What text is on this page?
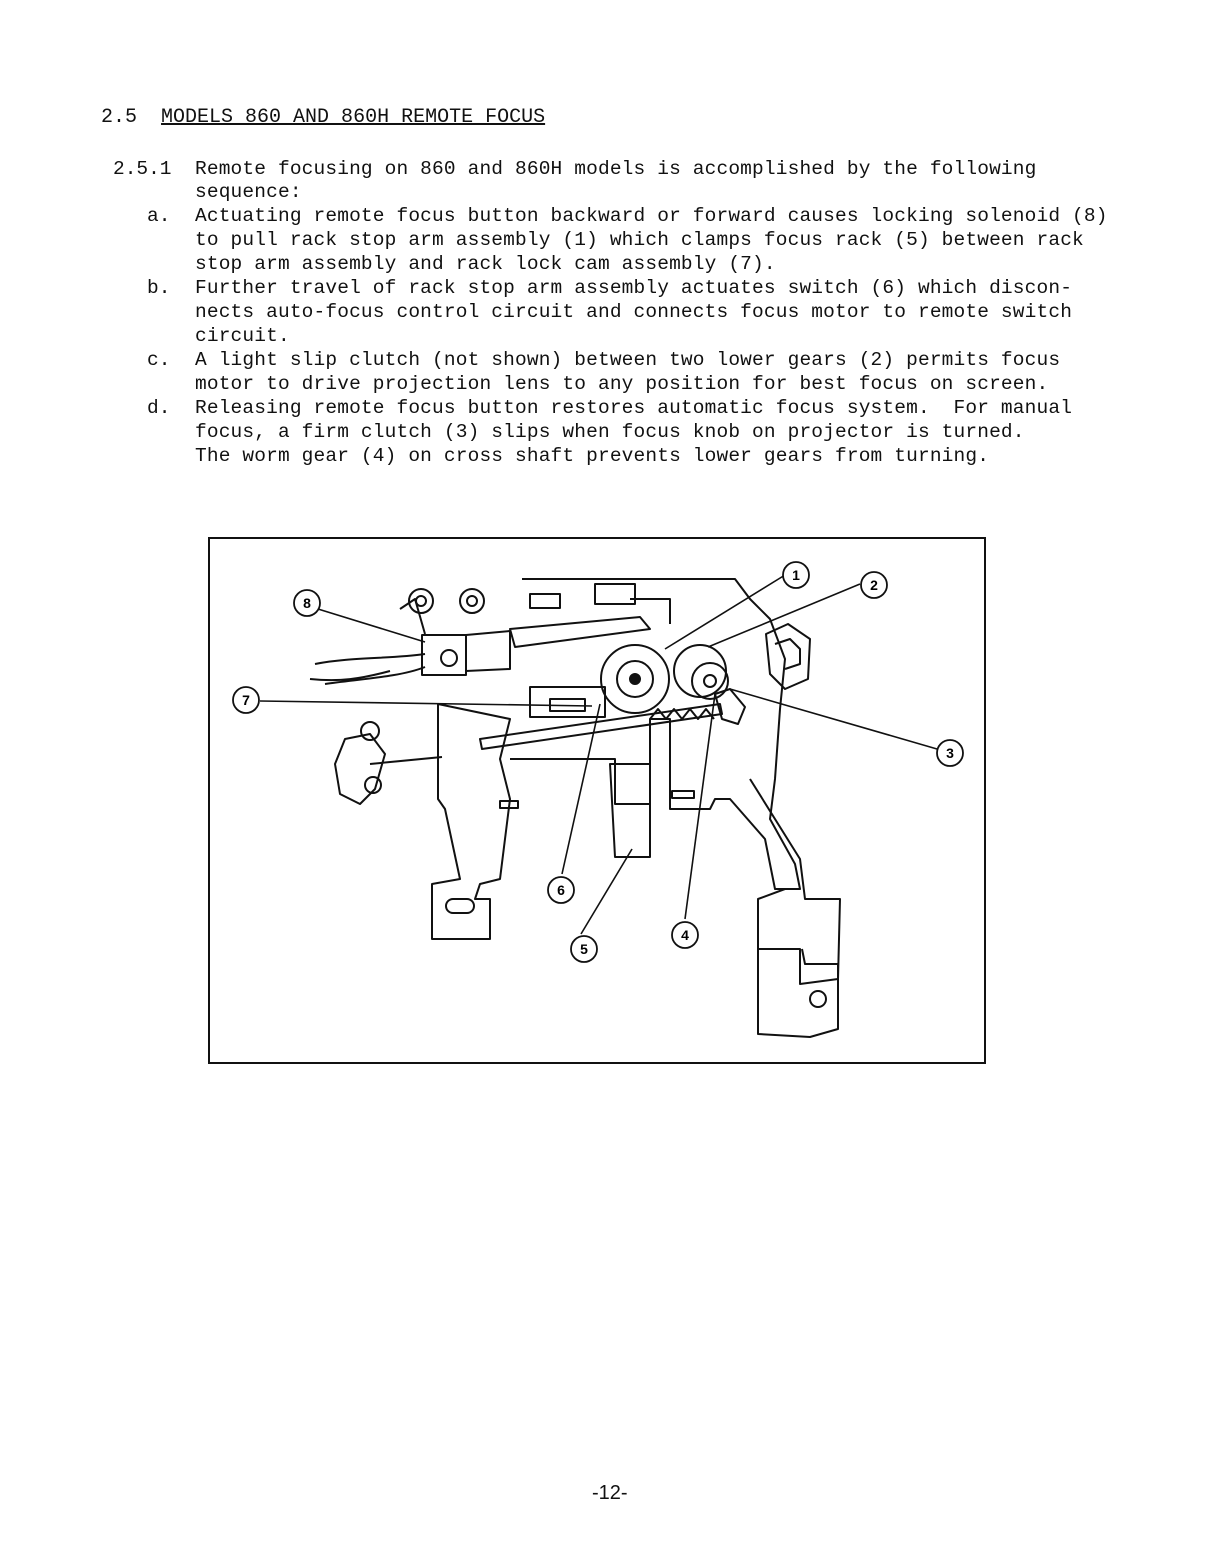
2.5 MODELS 860 AND 860H REMOTE FOCUS
2.5.1 Remote focusing on 860 and 860H models is accomplished by the following
sequence:
a. Actuating remote focus button backward or forward causes locking solenoid (8)
to pull rack stop arm assembly (1) which clamps focus rack (5) between rack
stop arm assembly and rack lock cam assembly (7).
b. Further travel of rack stop arm assembly actuates switch (6) which discon-
nects auto-focus control circuit and connects focus motor to remote switch
circuit.
c. A light slip clutch (not shown) between two lower gears (2) permits focus
motor to drive projection lens to any position for best focus on screen.
d. Releasing remote focus button restores automatic focus system.  For manual
focus, a firm clutch (3) slips when focus knob on projector is turned.
The worm gear (4) on cross shaft prevents lower gears from turning.
1
2
3
4
5
6
7
8
-12-
